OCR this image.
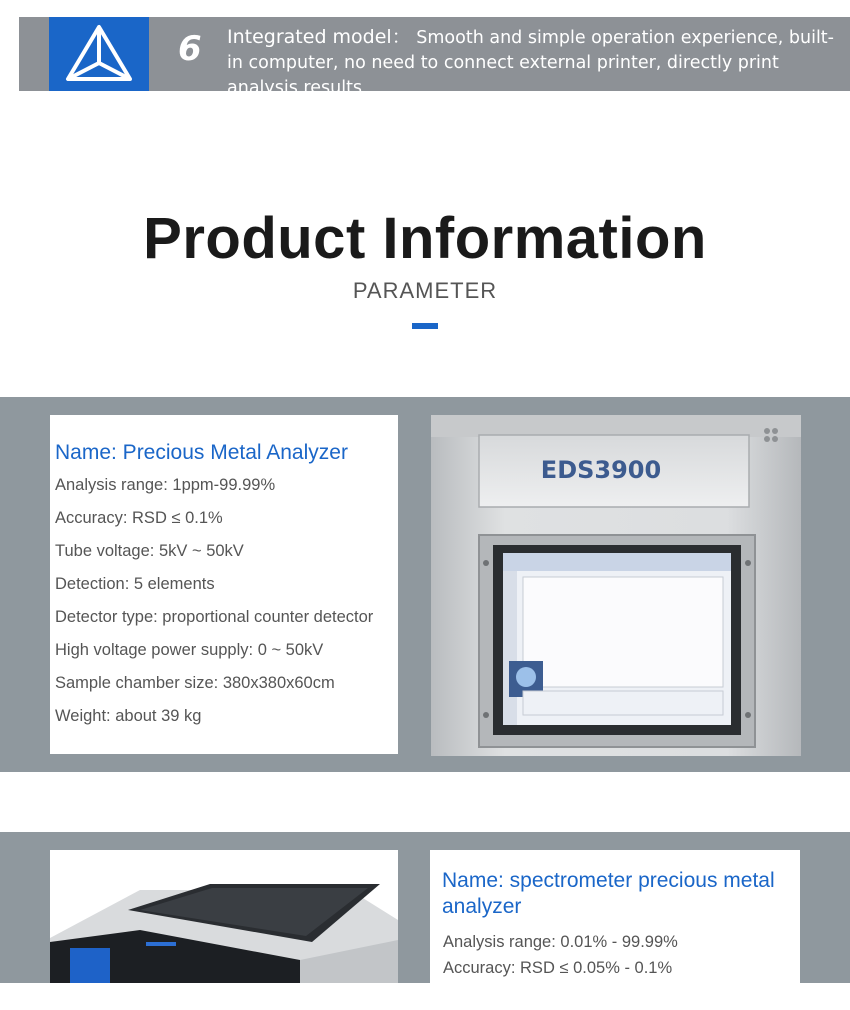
6 Integrated model： Smooth and simple operation experience, built-in computer, no need to connect external printer, directly print analysis results
Product Information
PARAMETER

Name: Precious Metal Analyzer

Analysis range: 1ppm-99.99%
Accuracy: RSD ≤ 0.1%
Tube voltage: 5kV ~ 50kV
Detection: 5 elements
Detector type: proportional counter detector
High voltage power supply: 0 ~ 50kV
Sample chamber size: 380x380x60cm
Weight: about 39 kg
EDS3900

Name: spectrometer precious metal analyzer

Analysis range: 0.01% - 99.99%
Accuracy: RSD ≤ 0.05% - 0.1%
